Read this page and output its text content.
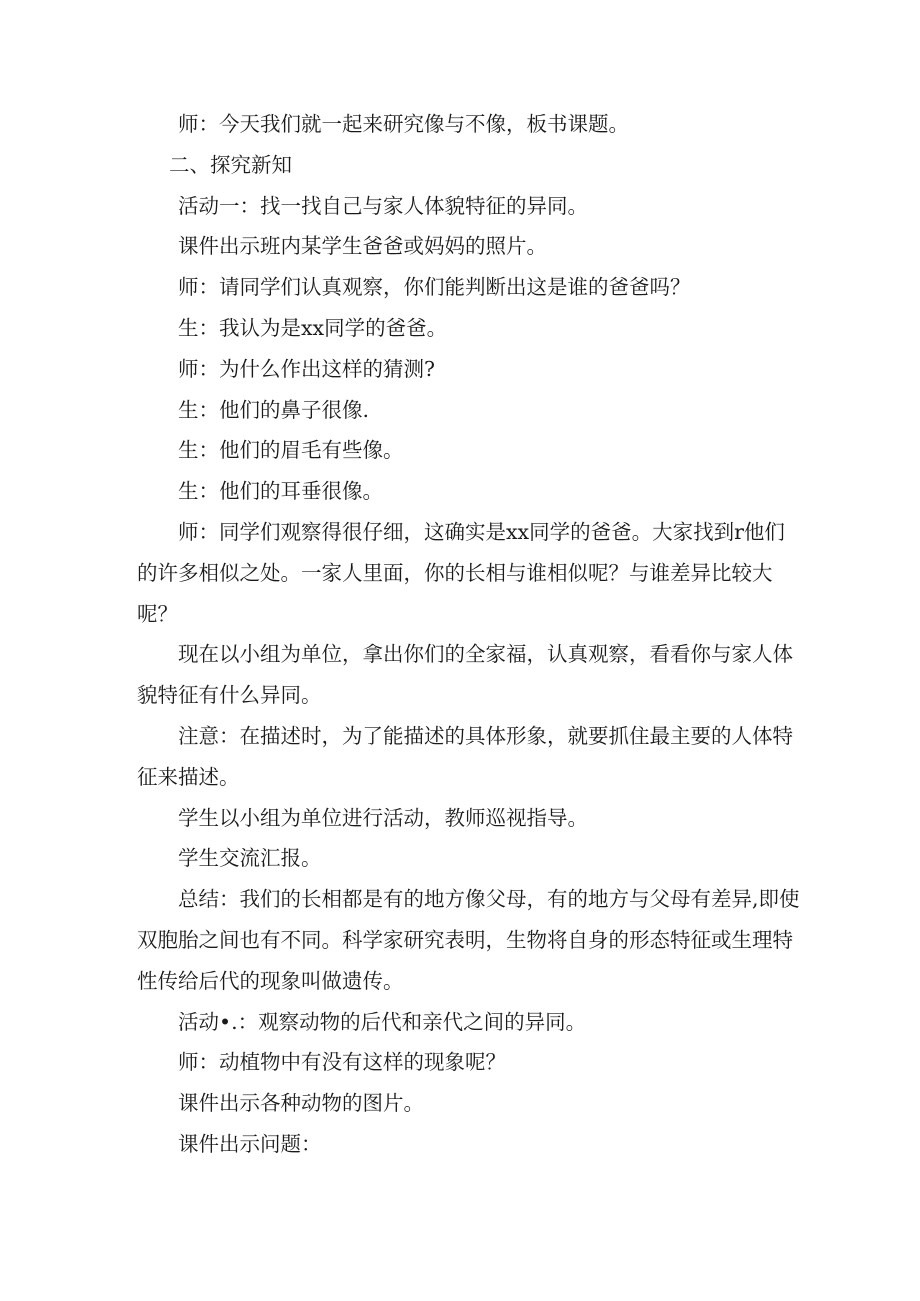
师：今天我们就一起来研究像与不像，板书课题。

二、探究新知

活动一：找一找自己与家人体貌特征的异同。

课件出示班内某学生爸爸或妈妈的照片。

师：请同学们认真观察，你们能判断出这是谁的爸爸吗？

生：我认为是xx同学的爸爸。

师：为什么作出这样的猜测?

生：他们的鼻子很像.

生：他们的眉毛有些像。

生：他们的耳垂很像。

师：同学们观察得很仔细，这确实是xx同学的爸爸。大家找到r他们的许多相似之处。一家人里面，你的长相与谁相似呢？与谁差异比较大呢？

现在以小组为单位，拿出你们的全家福，认真观察，看看你与家人体貌特征有什么异同。

注意：在描述时，为了能描述的具体形象，就要抓住最主要的人体特征来描述。

学生以小组为单位进行活动，教师巡视指导。

学生交流汇报。

总结：我们的长相都是有的地方像父母，有的地方与父母有差异,即使双胞胎之间也有不同。科学家研究表明，生物将自身的形态特征或生理特性传给后代的现象叫做遗传。

活动•.：观察动物的后代和亲代之间的异同。

师：动植物中有没有这样的现象呢？

课件出示各种动物的图片。

课件出示问题：
